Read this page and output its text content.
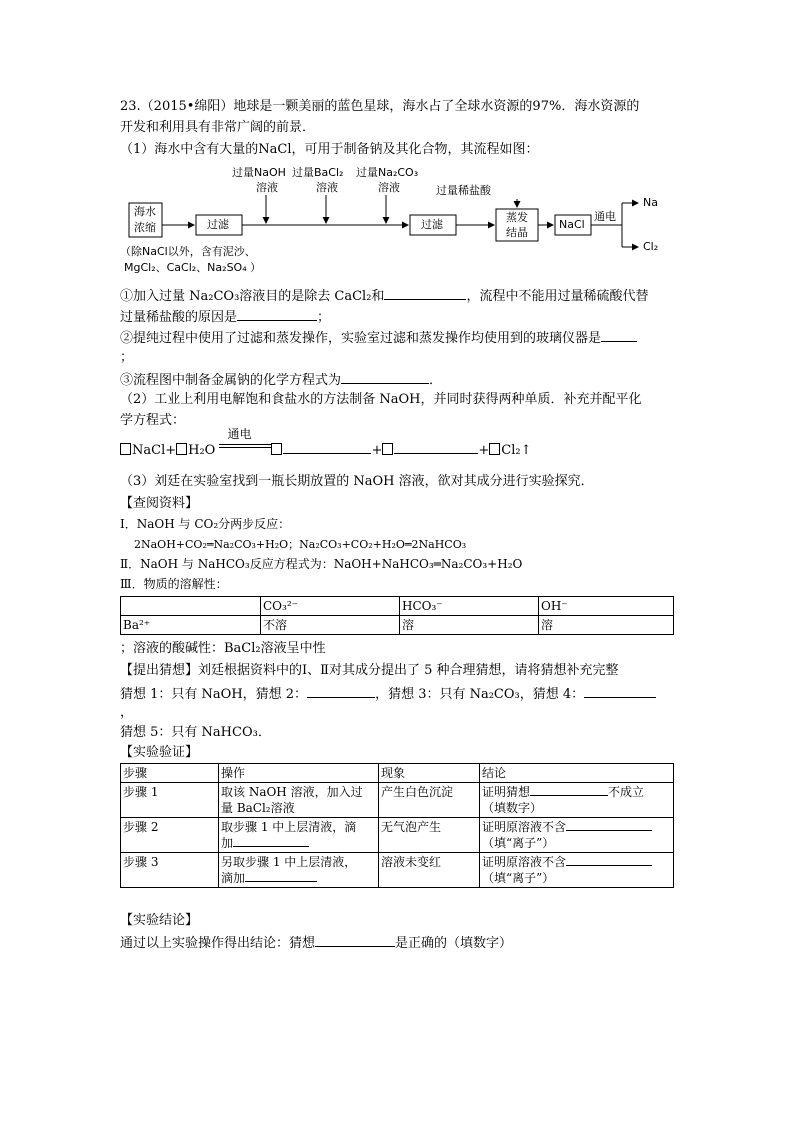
23.（2015•绵阳）地球是一颗美丽的蓝色星球，海水占了全球水资源的97%．海水资源的
开发和利用具有非常广阔的前景．
（1）海水中含有大量的NaCl，可用于制备钠及其化合物，其流程如图：
过量NaOH
溶液
过量BaCl₂
溶液
过量Na₂CO₃
溶液	过量稀盐酸
海水
浓缩	过滤	过滤
蒸发
结晶
NaCl
通电
Na
Cl₂
（除NaCl以外，含有泥沙、
MgCl₂、CaCl₂、Na₂SO₄ ）
①加入过量 Na₂CO₃溶液目的是除去 CaCl₂和	，流程中不能用过量稀硫酸代替
过量稀盐酸的原因是	；
②提纯过程中使用了过滤和蒸发操作，实验室过滤和蒸发操作均使用到的玻璃仪器是
；
③流程图中制备金属钠的化学方程式为	．
（2）工业上利用电解饱和食盐水的方法制备 NaOH，并同时获得两种单质．补充并配平化
学方程式：
NaCl+ H₂O
通电
+	+ Cl₂↑
（3）刘廷在实验室找到一瓶长期放置的 NaOH 溶液，欲对其成分进行实验探究．
【查阅资料】
Ⅰ．NaOH 与 CO₂分两步反应：
2NaOH+CO₂═Na₂CO₃+H₂O；Na₂CO₃+CO₂+H₂O═2NaHCO₃
Ⅱ．NaOH 与 NaHCO₃反应方程式为：NaOH+NaHCO₃═Na₂CO₃+H₂O
Ⅲ．物质的溶解性：
	CO₃²⁻	HCO₃⁻	OH⁻
Ba²⁺	不溶	溶	溶
；溶液的酸碱性：BaCl₂溶液呈中性
【提出猜想】刘廷根据资料中的Ⅰ、Ⅱ对其成分提出了 5 种合理猜想，请将猜想补充完整
猜想 1：只有 NaOH，猜想 2：	，猜想 3：只有 Na₂CO₃，猜想 4：
，
猜想 5：只有 NaHCO₃．
【实验验证】
步骤	操作	现象	结论
步骤 1	取该 NaOH 溶液，加入过
量 BaCl₂溶液	产生白色沉淀	证明猜想 不成立
（填数字）
步骤 2	取步骤 1 中上层清液，滴
加	无气泡产生	证明原溶液不含
（填“离子”）
步骤 3	另取步骤 1 中上层清液，
滴加	溶液未变红	证明原溶液不含
（填“离子”）
【实验结论】
通过以上实验操作得出结论：猜想	是正确的（填数字）
